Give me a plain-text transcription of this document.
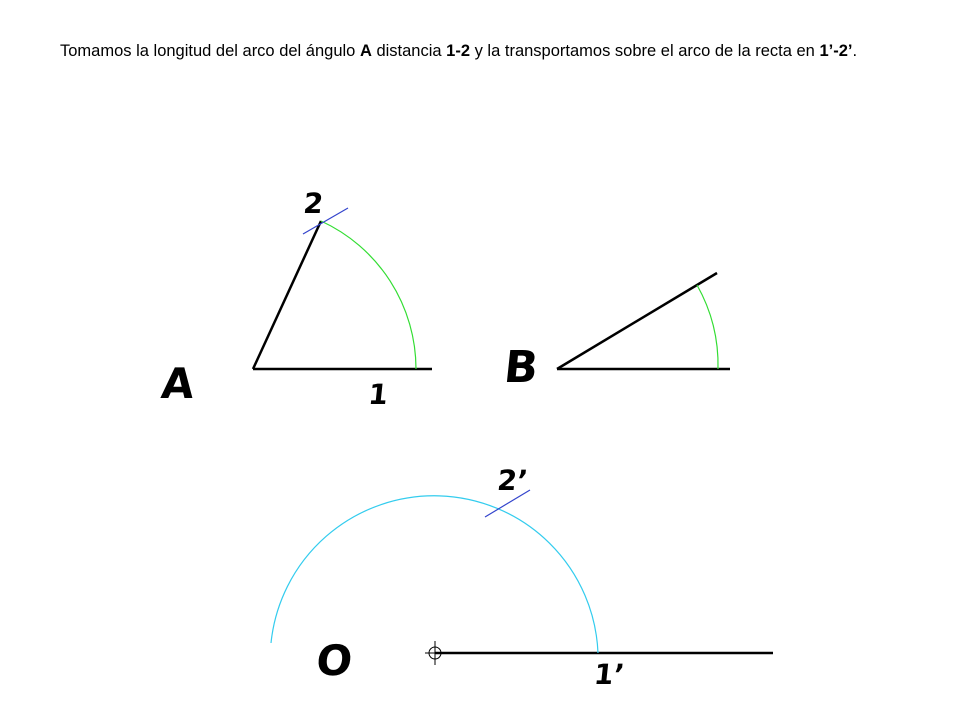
Tomamos la longitud del arco del ángulo A distancia 1-2 y la transportamos sobre el arco de la recta en 1’-2’.
A	1
2
B
O	1’
2’
